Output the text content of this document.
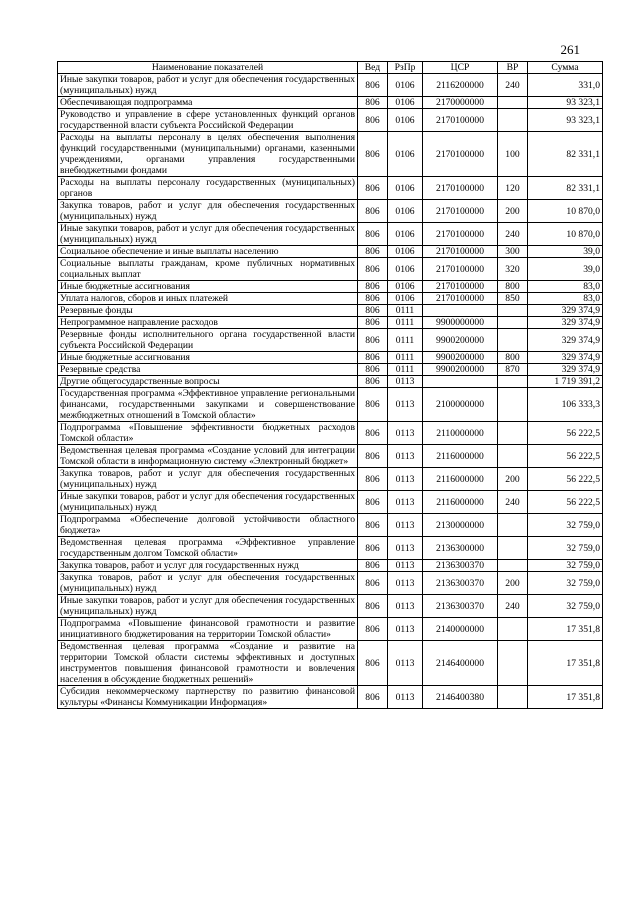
261
Наименование показателей	Вед	РзПр	ЦСР	ВР	Сумма
Иные закупки товаров, работ и услуг для обеспечения государственных (муниципальных) нужд	806	0106	2116200000	240	331,0
Обеспечивающая подпрограмма	806	0106	2170000000		93 323,1
Руководство и управление в сфере установленных функций органов государственной власти субъекта Российской Федерации	806	0106	2170100000		93 323,1
Расходы на выплаты персоналу в целях обеспечения выполнения функций государственными (муниципальными) органами, казенными учреждениями, органами управления государственными внебюджетными фондами	806	0106	2170100000	100	82 331,1
Расходы на выплаты персоналу государственных (муниципальных) органов	806	0106	2170100000	120	82 331,1
Закупка товаров, работ и услуг для обеспечения государственных (муниципальных) нужд	806	0106	2170100000	200	10 870,0
Иные закупки товаров, работ и услуг для обеспечения государственных (муниципальных) нужд	806	0106	2170100000	240	10 870,0
Социальное обеспечение и иные выплаты населению	806	0106	2170100000	300	39,0
Социальные выплаты гражданам, кроме публичных нормативных социальных выплат	806	0106	2170100000	320	39,0
Иные бюджетные ассигнования	806	0106	2170100000	800	83,0
Уплата налогов, сборов и иных платежей	806	0106	2170100000	850	83,0
Резервные фонды	806	0111			329 374,9
Непрограммное направление расходов	806	0111	9900000000		329 374,9
Резервные фонды исполнительного органа государственной власти субъекта Российской Федерации	806	0111	9900200000		329 374,9
Иные бюджетные ассигнования	806	0111	9900200000	800	329 374,9
Резервные средства	806	0111	9900200000	870	329 374,9
Другие общегосударственные вопросы	806	0113			1 719 391,2
Государственная программа «Эффективное управление региональными финансами, государственными закупками и совершенствование межбюджетных отношений в Томской области»	806	0113	2100000000		106 333,3
Подпрограмма «Повышение эффективности бюджетных расходов Томской области»	806	0113	2110000000		56 222,5
Ведомственная целевая программа «Создание условий для интеграции Томской области в информационную систему «Электронный бюджет»	806	0113	2116000000		56 222,5
Закупка товаров, работ и услуг для обеспечения государственных (муниципальных) нужд	806	0113	2116000000	200	56 222,5
Иные закупки товаров, работ и услуг для обеспечения государственных (муниципальных) нужд	806	0113	2116000000	240	56 222,5
Подпрограмма «Обеспечение долговой устойчивости областного бюджета»	806	0113	2130000000		32 759,0
Ведомственная целевая программа «Эффективное управление государственным долгом Томской области»	806	0113	2136300000		32 759,0
Закупка товаров, работ и услуг для государственных нужд	806	0113	2136300370		32 759,0
Закупка товаров, работ и услуг для обеспечения государственных (муниципальных) нужд	806	0113	2136300370	200	32 759,0
Иные закупки товаров, работ и услуг для обеспечения государственных (муниципальных) нужд	806	0113	2136300370	240	32 759,0
Подпрограмма «Повышение финансовой грамотности и развитие инициативного бюджетирования на территории Томской области»	806	0113	2140000000		17 351,8
Ведомственная целевая программа «Создание и развитие на территории Томской области системы эффективных и доступных инструментов повышения финансовой грамотности и вовлечения населения в обсуждение бюджетных решений»	806	0113	2146400000		17 351,8
Субсидия некоммерческому партнерству по развитию финансовой культуры «Финансы Коммуникации Информация»	806	0113	2146400380		17 351,8
